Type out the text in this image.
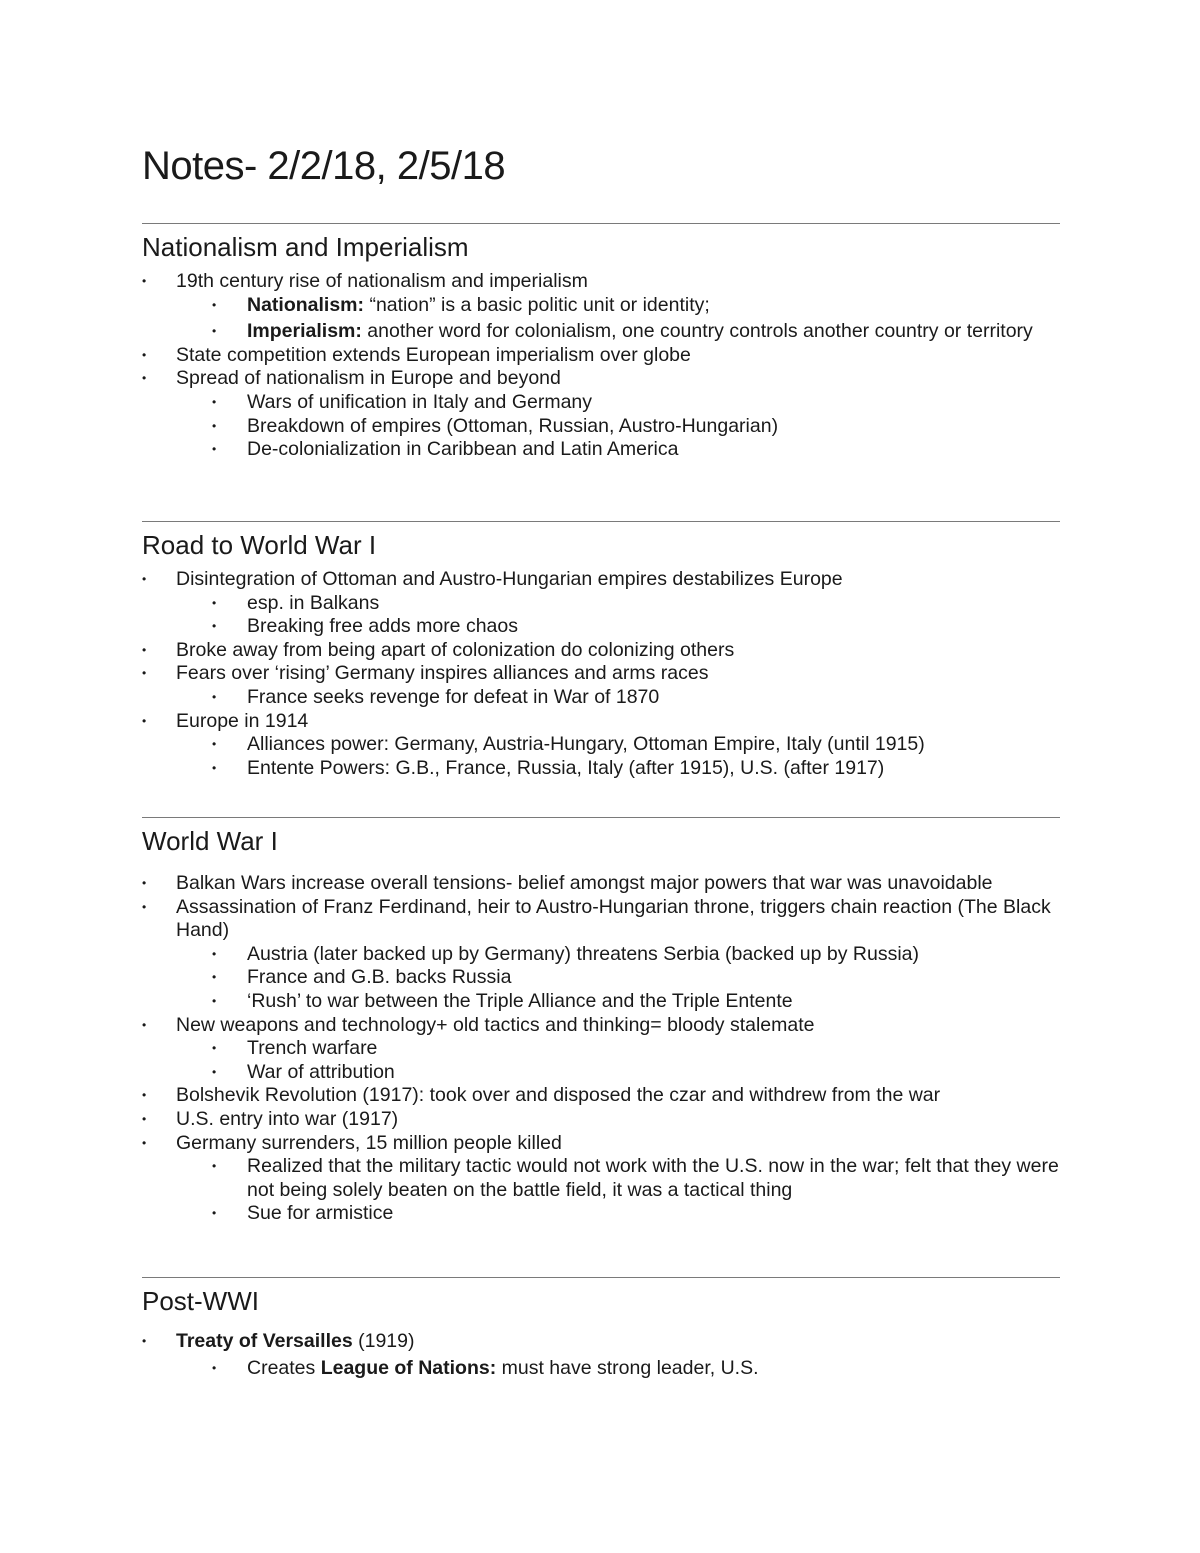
Notes- 2/2/18, 2/5/18
Nationalism and Imperialism
• 19th century rise of nationalism and imperialism
• Nationalism: “nation” is a basic politic unit or identity;
• Imperialism: another word for colonialism, one country controls another country or territory
• State competition extends European imperialism over globe
• Spread of nationalism in Europe and beyond
• Wars of unification in Italy and Germany
• Breakdown of empires (Ottoman, Russian, Austro-Hungarian)
• De-colonialization in Caribbean and Latin America
Road to World War I
• Disintegration of Ottoman and Austro-Hungarian empires destabilizes Europe
• esp. in Balkans
• Breaking free adds more chaos
• Broke away from being apart of colonization do colonizing others
• Fears over ‘rising’ Germany inspires alliances and arms races
• France seeks revenge for defeat in War of 1870
• Europe in 1914
• Alliances power: Germany, Austria-Hungary, Ottoman Empire, Italy (until 1915)
• Entente Powers: G.B., France, Russia, Italy (after 1915), U.S. (after 1917)
World War I
• Balkan Wars increase overall tensions- belief amongst major powers that war was unavoidable
• Assassination of Franz Ferdinand, heir to Austro-Hungarian throne, triggers chain reaction (The Black Hand)
• Austria (later backed up by Germany) threatens Serbia (backed up by Russia)
• France and G.B. backs Russia
• ‘Rush’ to war between the Triple Alliance and the Triple Entente
• New weapons and technology+ old tactics and thinking= bloody stalemate
• Trench warfare
• War of attribution
• Bolshevik Revolution (1917): took over and disposed the czar and withdrew from the war
• U.S. entry into war (1917)
• Germany surrenders, 15 million people killed
• Realized that the military tactic would not work with the U.S. now in the war; felt that they were not being solely beaten on the battle field, it was a tactical thing
• Sue for armistice
Post-WWI
• Treaty of Versailles (1919)
• Creates League of Nations: must have strong leader, U.S.
